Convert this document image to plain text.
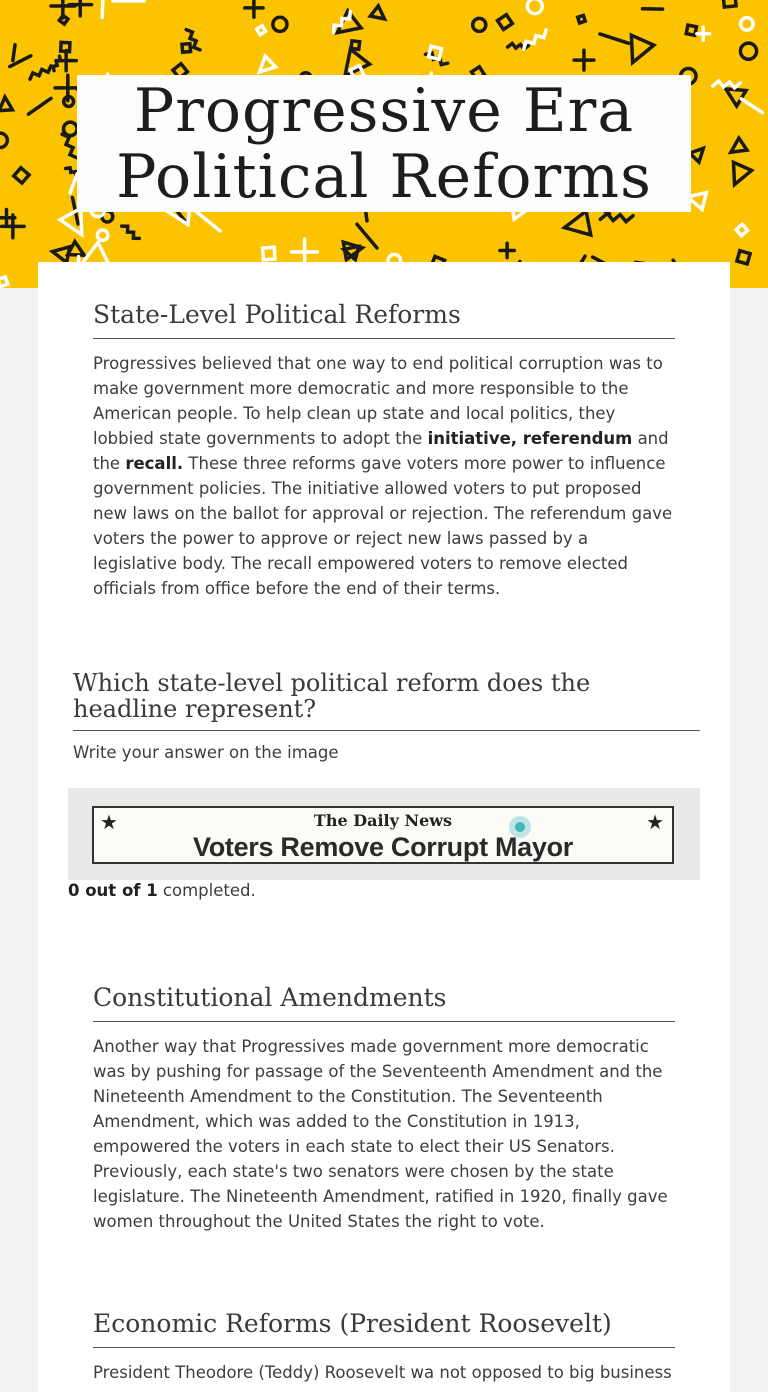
Progressive Era
Political Reforms
State-Level Political Reforms

Progressives believed that one way to end political corruption was to make government more democratic and more responsible to the American people. To help clean up state and local politics, they lobbied state governments to adopt the initiative, referendum and the recall. These three reforms gave voters more power to influence government policies. The initiative allowed voters to put proposed new laws on the ballot for approval or rejection. The referendum gave voters the power to approve or reject new laws passed by a legislative body. The recall empowered voters to remove elected officials from office before the end of their terms.

Which state-level political reform does the headline represent?

Write your answer on the image

★	★
The Daily News
Voters Remove Corrupt Mayor

0 out of 1 completed.

Constitutional Amendments

Another way that Progressives made government more democratic was by pushing for passage of the Seventeenth Amendment and the Nineteenth Amendment to the Constitution. The Seventeenth Amendment, which was added to the Constitution in 1913, empowered the voters in each state to elect their US Senators. Previously, each state's two senators were chosen by the state legislature. The Nineteenth Amendment, ratified in 1920, finally gave women throughout the United States the right to vote.

Economic Reforms (President Roosevelt)

President Theodore (Teddy) Roosevelt wa not opposed to big business
